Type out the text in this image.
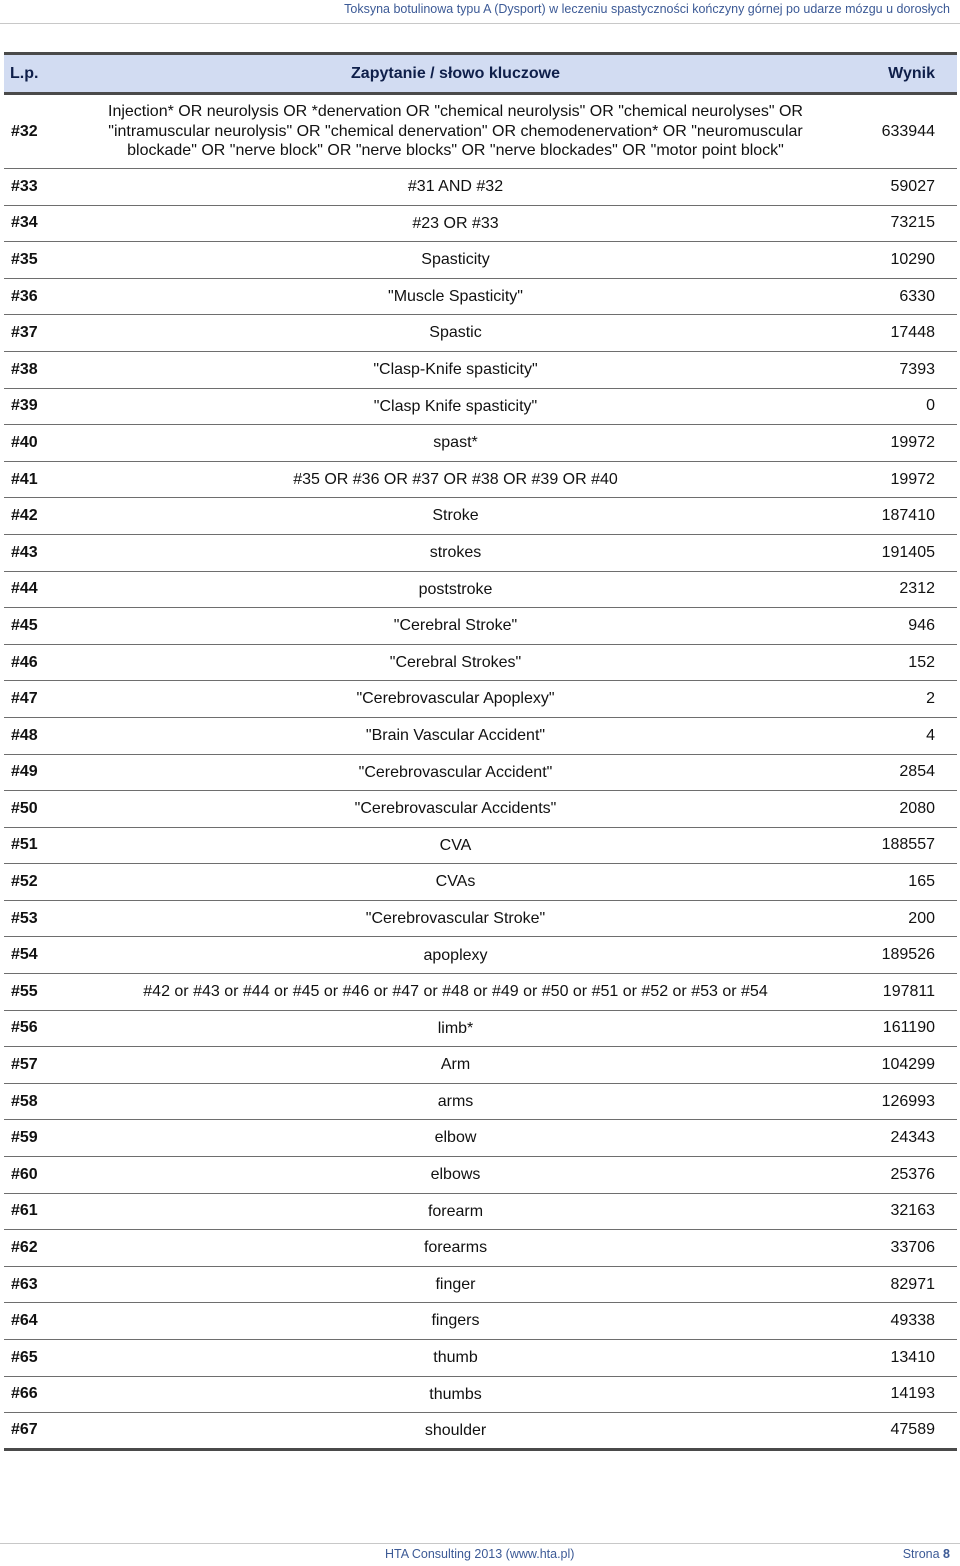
Toksyna botulinowa typu A (Dysport) w leczeniu spastyczności kończyny górnej po udarze mózgu u dorosłych
L.p.	Zapytanie / słowo kluczowe	Wynik
#32	Injection* OR neurolysis OR *denervation OR "chemical neurolysis" OR "chemical neurolyses" OR "intramuscular neurolysis" OR "chemical denervation" OR chemodenervation* OR "neuromuscular blockade" OR "nerve block" OR "nerve blocks" OR "nerve blockades" OR "motor point block"	633944
#33	#31 AND #32	59027
#34	#23 OR #33	73215
#35	Spasticity	10290
#36	"Muscle Spasticity"	6330
#37	Spastic	17448
#38	"Clasp-Knife spasticity"	7393
#39	"Clasp Knife spasticity"	0
#40	spast*	19972
#41	#35 OR #36 OR #37 OR #38 OR #39 OR #40	19972
#42	Stroke	187410
#43	strokes	191405
#44	poststroke	2312
#45	"Cerebral Stroke"	946
#46	"Cerebral Strokes"	152
#47	"Cerebrovascular Apoplexy"	2
#48	"Brain Vascular Accident"	4
#49	"Cerebrovascular Accident"	2854
#50	"Cerebrovascular Accidents"	2080
#51	CVA	188557
#52	CVAs	165
#53	"Cerebrovascular Stroke"	200
#54	apoplexy	189526
#55	#42 or #43 or #44 or #45 or #46 or #47 or #48 or #49 or #50 or #51 or #52 or #53 or #54	197811
#56	limb*	161190
#57	Arm	104299
#58	arms	126993
#59	elbow	24343
#60	elbows	25376
#61	forearm	32163
#62	forearms	33706
#63	finger	82971
#64	fingers	49338
#65	thumb	13410
#66	thumbs	14193
#67	shoulder	47589
HTA Consulting 2013 (www.hta.pl)	Strona 8
